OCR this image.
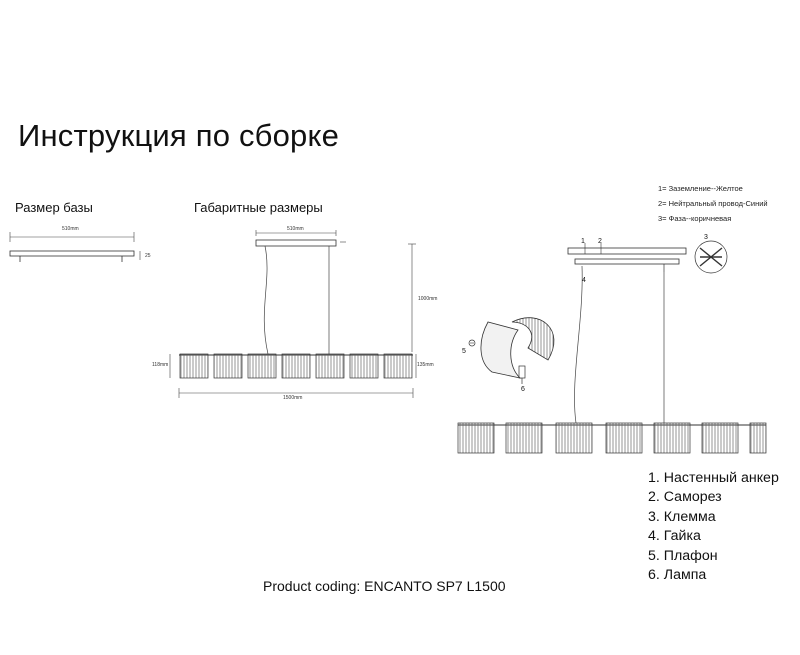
Инструкция по сборке
Размер базы	Габаритные размеры
510mm
25
510mm
1000mm
118mm	135mm
1500mm
1= Заземление--Желтое
2= Нейтральный провод-Синий
3= Фаза--коричневая
1 2
3
4
5
6
1. Настенный анкер
2. Саморез
3. Клемма
4. Гайка
5. Плафон
6. Лампа
Product coding: ENCANTO SP7 L1500
